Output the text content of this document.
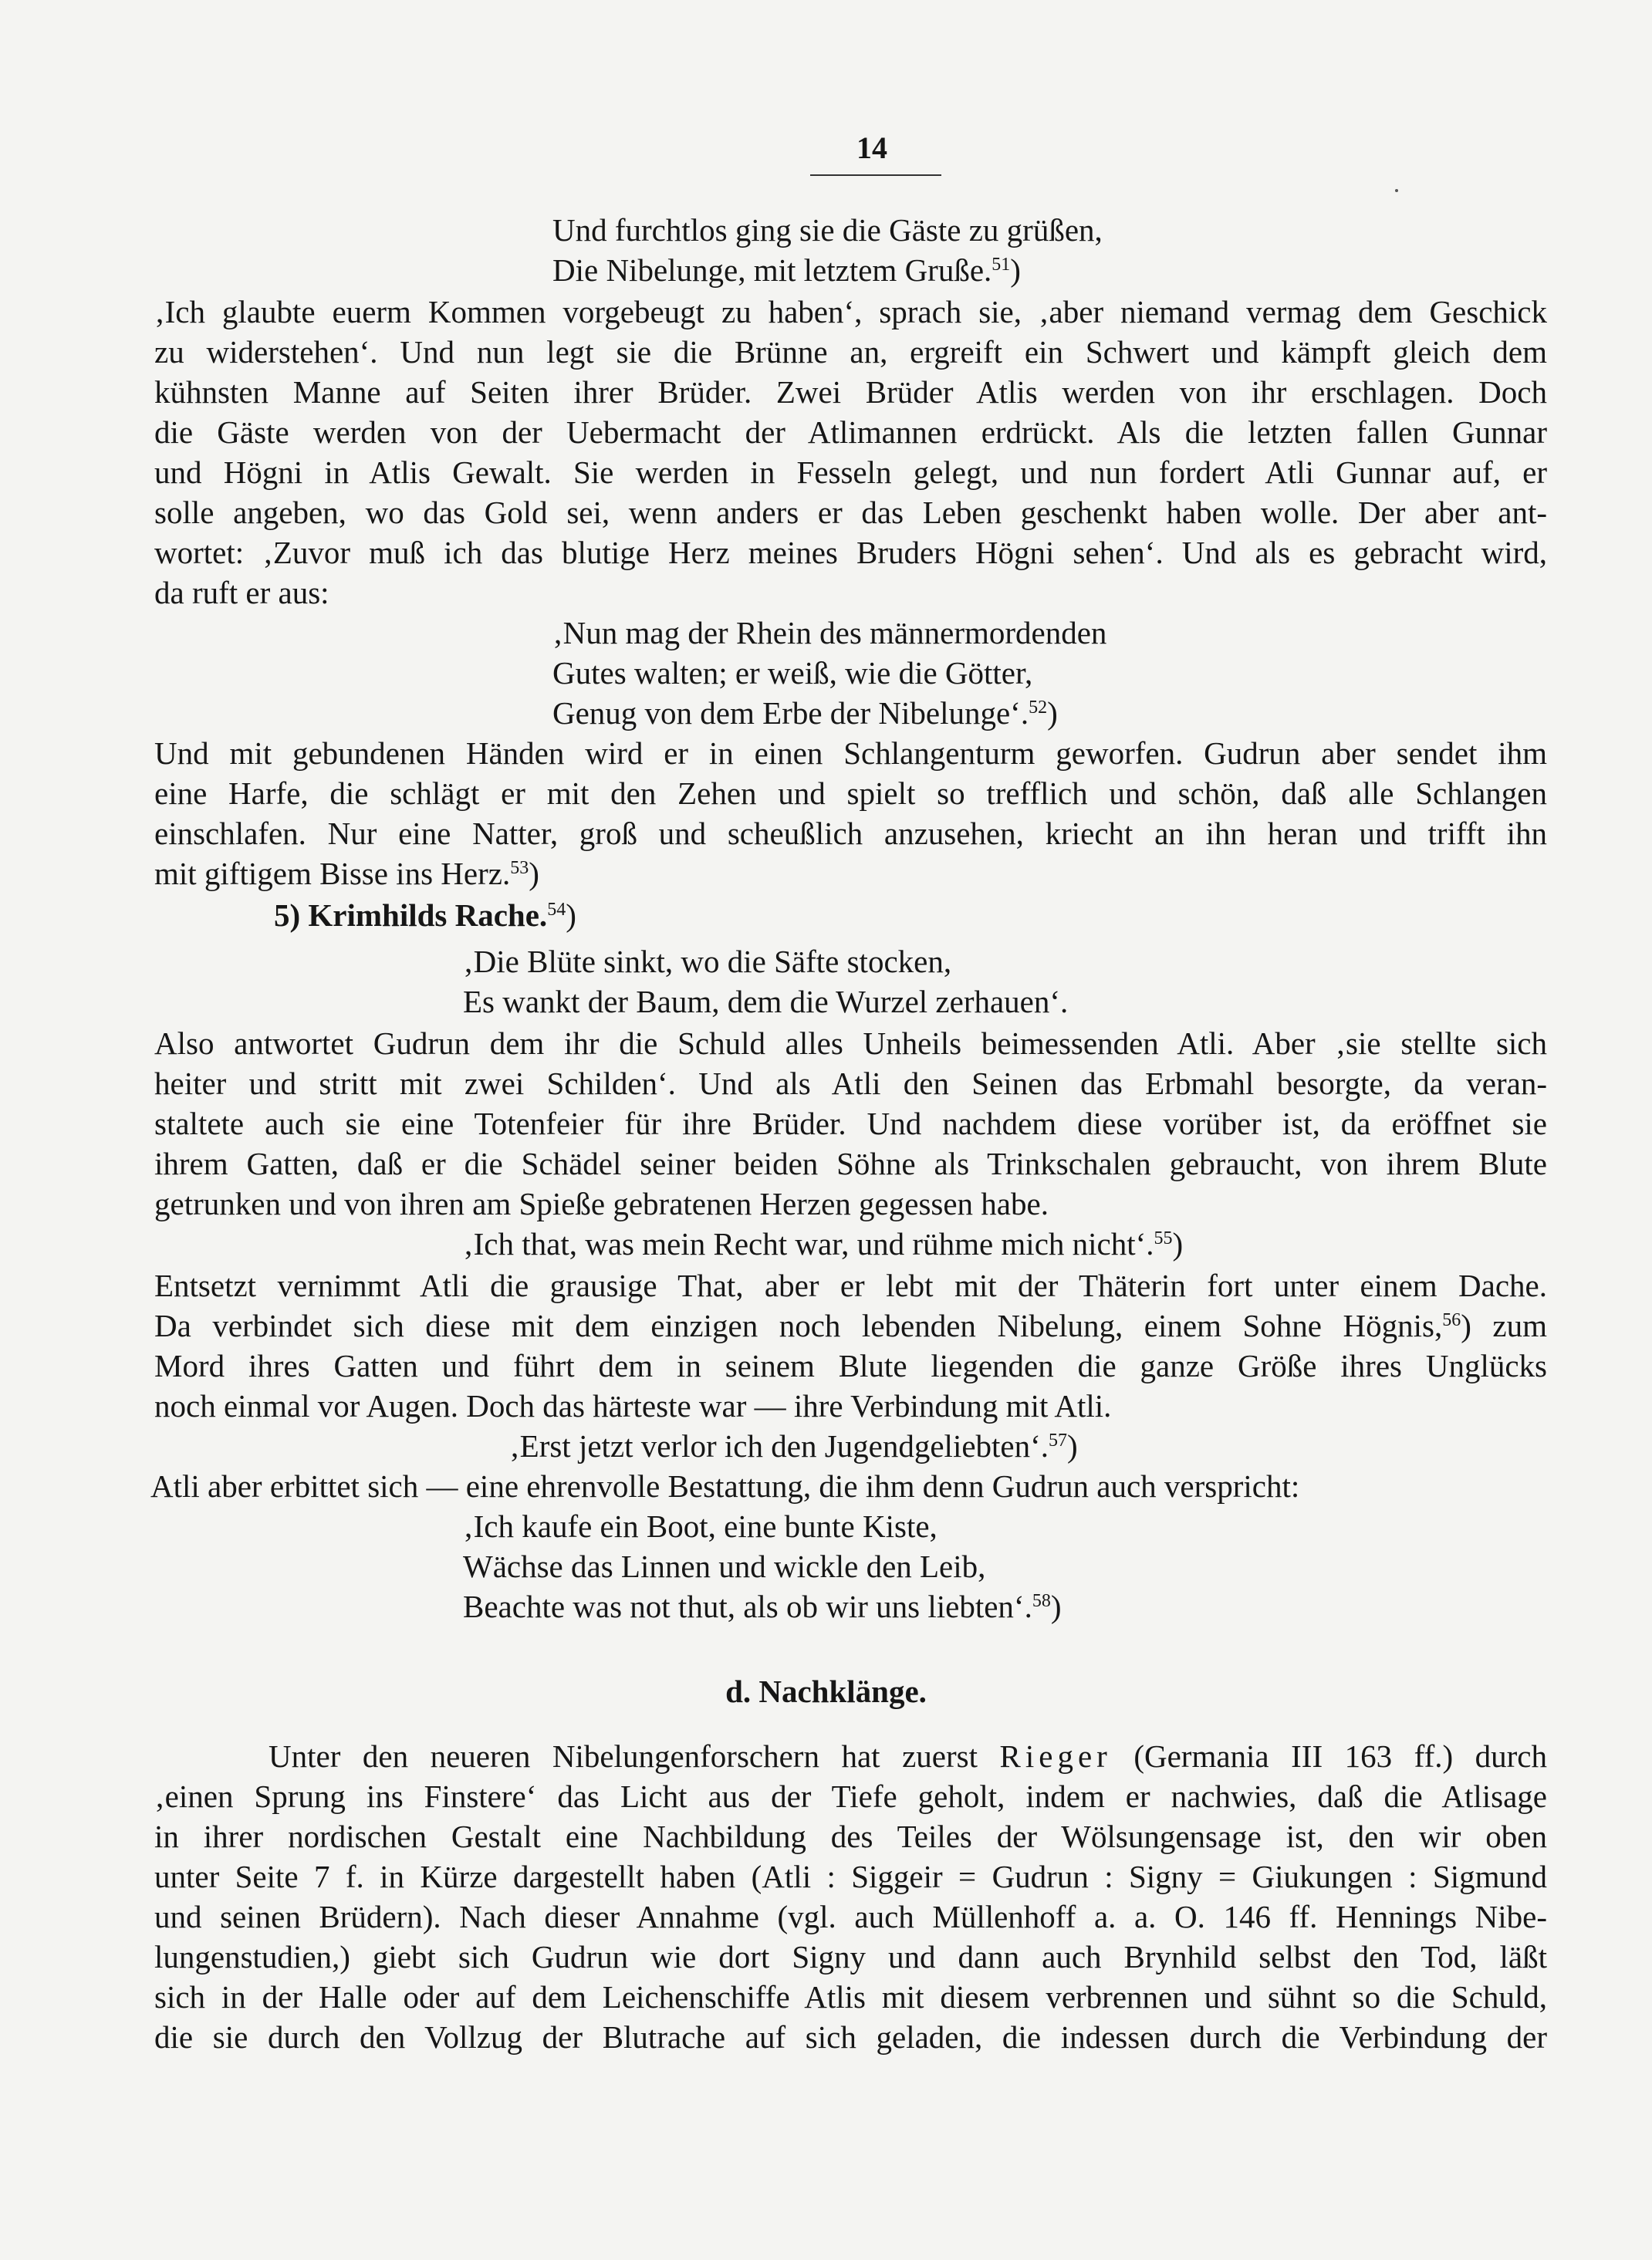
14
Und furchtlos ging sie die Gäste zu grüßen,
Die Nibelunge, mit letztem Gruße.$^{51}$)
‚Ich glaubte euerm Kommen vorgebeugt zu haben‘, sprach sie, ‚aber niemand vermag dem Geschick
zu widerstehen‘. Und nun legt sie die Brünne an, ergreift ein Schwert und kämpft gleich dem
kühnsten Manne auf Seiten ihrer Brüder. Zwei Brüder Atlis werden von ihr erschlagen. Doch
die Gäste werden von der Uebermacht der Atlimannen erdrückt. Als die letzten fallen Gunnar
und Högni in Atlis Gewalt. Sie werden in Fesseln gelegt, und nun fordert Atli Gunnar auf, er
solle angeben, wo das Gold sei, wenn anders er das Leben geschenkt haben wolle. Der aber ant-
wortet: ‚Zuvor muß ich das blutige Herz meines Bruders Högni sehen‘. Und als es gebracht wird,
da ruft er aus:
‚Nun mag der Rhein des männermordenden
Gutes walten; er weiß, wie die Götter,
Genug von dem Erbe der Nibelunge‘.$^{52}$)
Und mit gebundenen Händen wird er in einen Schlangenturm geworfen. Gudrun aber sendet ihm
eine Harfe, die schlägt er mit den Zehen und spielt so trefflich und schön, daß alle Schlangen
einschlafen. Nur eine Natter, groß und scheußlich anzusehen, kriecht an ihn heran und trifft ihn
mit giftigem Bisse ins Herz.$^{53}$)
5) Krimhilds Rache.$^{54}$)
‚Die Blüte sinkt, wo die Säfte stocken,
Es wankt der Baum, dem die Wurzel zerhauen‘.
Also antwortet Gudrun dem ihr die Schuld alles Unheils beimessenden Atli. Aber ‚sie stellte sich
heiter und stritt mit zwei Schilden‘. Und als Atli den Seinen das Erbmahl besorgte, da veran-
staltete auch sie eine Totenfeier für ihre Brüder. Und nachdem diese vorüber ist, da eröffnet sie
ihrem Gatten, daß er die Schädel seiner beiden Söhne als Trinkschalen gebraucht, von ihrem Blute
getrunken und von ihren am Spieße gebratenen Herzen gegessen habe.
‚Ich that, was mein Recht war, und rühme mich nicht‘.$^{55}$)
Entsetzt vernimmt Atli die grausige That, aber er lebt mit der Thäterin fort unter einem Dache.
Da verbindet sich diese mit dem einzigen noch lebenden Nibelung, einem Sohne Högnis,$^{56}$) zum
Mord ihres Gatten und führt dem in seinem Blute liegenden die ganze Größe ihres Unglücks
noch einmal vor Augen. Doch das härteste war — ihre Verbindung mit Atli.
‚Erst jetzt verlor ich den Jugendgeliebten‘.$^{57}$)
Atli aber erbittet sich — eine ehrenvolle Bestattung, die ihm denn Gudrun auch verspricht:
‚Ich kaufe ein Boot, eine bunte Kiste,
Wächse das Linnen und wickle den Leib,
Beachte was not thut, als ob wir uns liebten‘.$^{58}$)
d. Nachklänge.
Unter den neueren Nibelungenforschern hat zuerst Rieger (Germania III 163 ff.) durch
‚einen Sprung ins Finstere‘ das Licht aus der Tiefe geholt, indem er nachwies, daß die Atlisage
in ihrer nordischen Gestalt eine Nachbildung des Teiles der Wölsungensage ist, den wir oben
unter Seite 7 f. in Kürze dargestellt haben (Atli : Siggeir = Gudrun : Signy = Giukungen : Sigmund
und seinen Brüdern). Nach dieser Annahme (vgl. auch Müllenhoff a. a. O. 146 ff. Hennings Nibe-
lungenstudien,) giebt sich Gudrun wie dort Signy und dann auch Brynhild selbst den Tod, läßt
sich in der Halle oder auf dem Leichenschiffe Atlis mit diesem verbrennen und sühnt so die Schuld,
die sie durch den Vollzug der Blutrache auf sich geladen, die indessen durch die Verbindung der
